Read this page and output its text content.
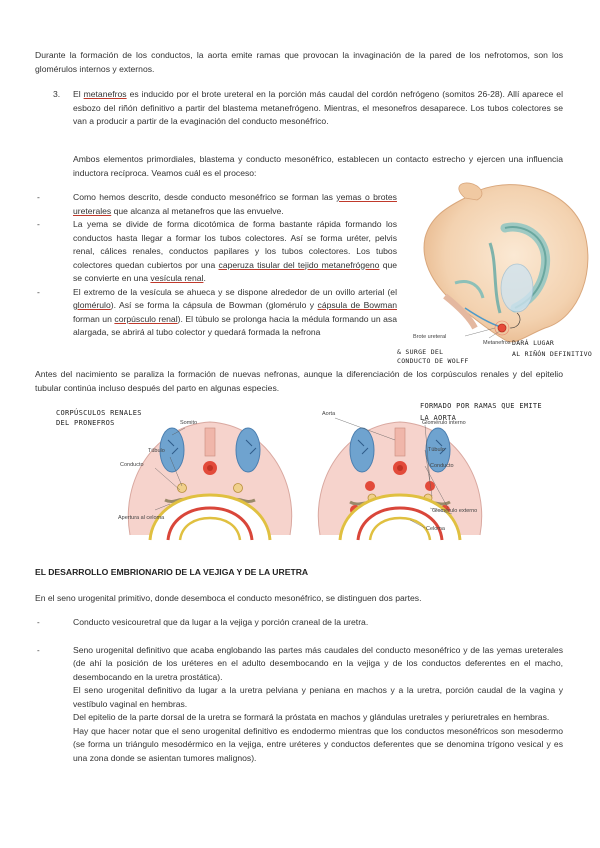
Durante la formación de los conductos, la aorta emite ramas que provocan la invaginación de la pared de los nefrotomos, son los glomérulos internos y externos.
3.	El metanefros es inducido por el brote ureteral en la porción más caudal del cordón nefrógeno (somitos 26-28). Allí aparece el esbozo del riñón definitivo a partir del blastema metanefrógeno. Mientras, el mesonefros desaparece. Los tubos colectores se van a producir a partir de la evaginación del conducto mesonéfrico.
Ambos elementos primordiales, blastema y conducto mesonéfrico, establecen un contacto estrecho y ejercen una influencia inductora recíproca. Veamos cuál es el proceso:
- Como hemos descrito, desde conducto mesonéfrico se forman las yemas o brotes ureterales que alcanza al metanefros que las envuelve.
- La yema se divide de forma dicotómica de forma bastante rápida formando los conductos hasta llegar a formar los tubos colectores. Así se forma uréter, pelvis renal, cálices renales, conductos papilares y los tubos colectores. Los tubos colectores quedan cubiertos por una caperuza tisular del tejido metanefrógeno que se convierte en una vesícula renal.
- El extremo de la vesícula se ahueca y se dispone alrededor de un ovillo arterial (el glomérulo). Así se forma la cápsula de Bowman (glomérulo y cápsula de Bowman forman un corpúsculo renal). El túbulo se prolonga hacia la médula formando un asa alargada, se abrirá al tubo colector y quedará formada la nefrona	Brote ureteral
Metanefros
& SURGE DEL
CONDUCTO DE WOLFF
DARÁ LUGAR
AL RIÑÓN DEFINITIVO
Antes del nacimiento se paraliza la formación de nuevas nefronas, aunque la diferenciación de los corpúsculos renales y del epitelio tubular continúa incluso después del parto en algunas especies.
CORPÚSCULOS RENALES
DEL PRONEFROS
FORMADO POR RAMAS QUE EMITE
LA AORTA
Somito
Túbulo
Conducto
Apertura al celoma
Aorta
Glomérulo interno
Túbulo
Conducto
Glomérulo externo
Celoma
EL DESARROLLO EMBRIONARIO DE LA VEJIGA Y DE LA URETRA
En el seno urogenital primitivo, donde desemboca el conducto mesonéfrico, se distinguen dos partes.
- Conducto vesicouretral que da lugar a la vejiga y porción craneal de la uretra.
- Seno urogenital definitivo que acaba englobando las partes más caudales del conducto mesonéfrico y de las yemas ureterales (de ahí la posición de los uréteres en el adulto desembocando en la vejiga y de los conductos deferentes en el macho, desembocando en la uretra prostática).
El seno urogenital definitivo da lugar a la uretra pelviana y peniana en machos y a la uretra, porción caudal de la vagina y vestíbulo vaginal en hembras.
Del epitelio de la parte dorsal de la uretra se formará la próstata en machos y glándulas uretrales y periuretrales en hembras.
Hay que hacer notar que el seno urogenital definitivo es endodermo mientras que los conductos mesonéfricos son mesodermo (se forma un triángulo mesodérmico en la vejiga, entre uréteres y conductos deferentes que se denomina trígono vesical y es una zona donde se asientan tumores malignos).
